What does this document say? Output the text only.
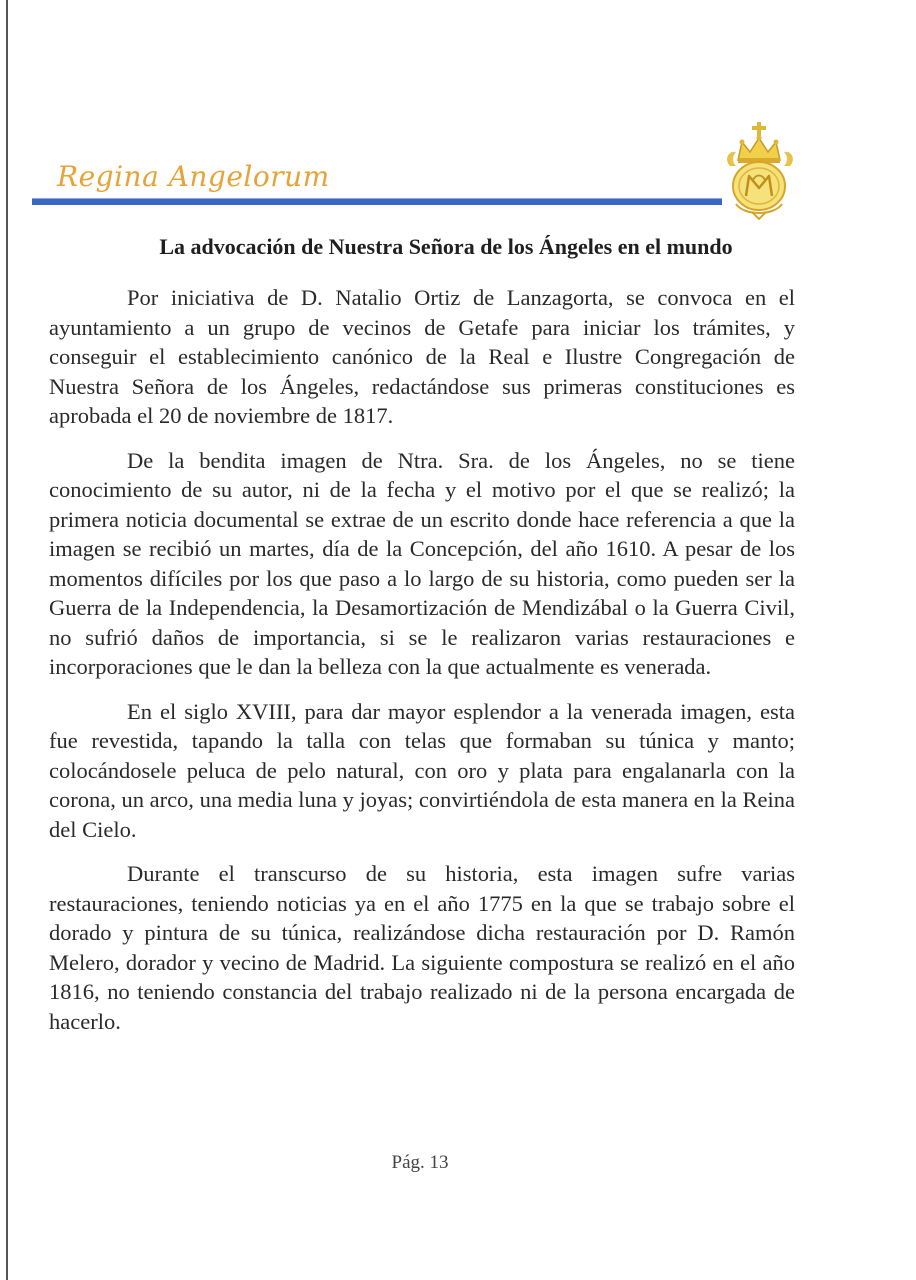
Regina Angelorum
La advocación de Nuestra Señora de los Ángeles en el mundo

Por iniciativa de D. Natalio Ortiz de Lanzagorta, se convoca en el ayuntamiento a un grupo de vecinos de Getafe para iniciar los trámites, y conseguir el establecimiento canónico de la Real e Ilustre Congregación de Nuestra Señora de los Ángeles, redactándose sus primeras constituciones es aprobada el 20 de noviembre de 1817.

De la bendita imagen de Ntra. Sra. de los Ángeles, no se tiene conocimiento de su autor, ni de la fecha y el motivo por el que se realizó; la primera noticia documental se extrae de un escrito donde hace referencia a que la imagen se recibió un martes, día de la Concepción, del año 1610. A pesar de los momentos difíciles por los que paso a lo largo de su historia, como pueden ser la Guerra de la Independencia, la Desamortización de Mendizábal o la Guerra Civil, no sufrió daños de importancia, si se le realizaron varias restauraciones e incorporaciones que le dan la belleza con la que actualmente es venerada.

En el siglo XVIII, para dar mayor esplendor a la venerada imagen, esta fue revestida, tapando la talla con telas que formaban su túnica y manto; colocándosele peluca de pelo natural, con oro y plata para engalanarla con la corona, un arco, una media luna y joyas; convirtiéndola de esta manera en la Reina del Cielo.

Durante el transcurso de su historia, esta imagen sufre varias restauraciones, teniendo noticias ya en el año 1775 en la que se trabajo sobre el dorado y pintura de su túnica, realizándose dicha restauración por D. Ramón Melero, dorador y vecino de Madrid. La siguiente compostura se realizó en el año 1816, no teniendo constancia del trabajo realizado ni de la persona encargada de hacerlo.

Pág. 13
